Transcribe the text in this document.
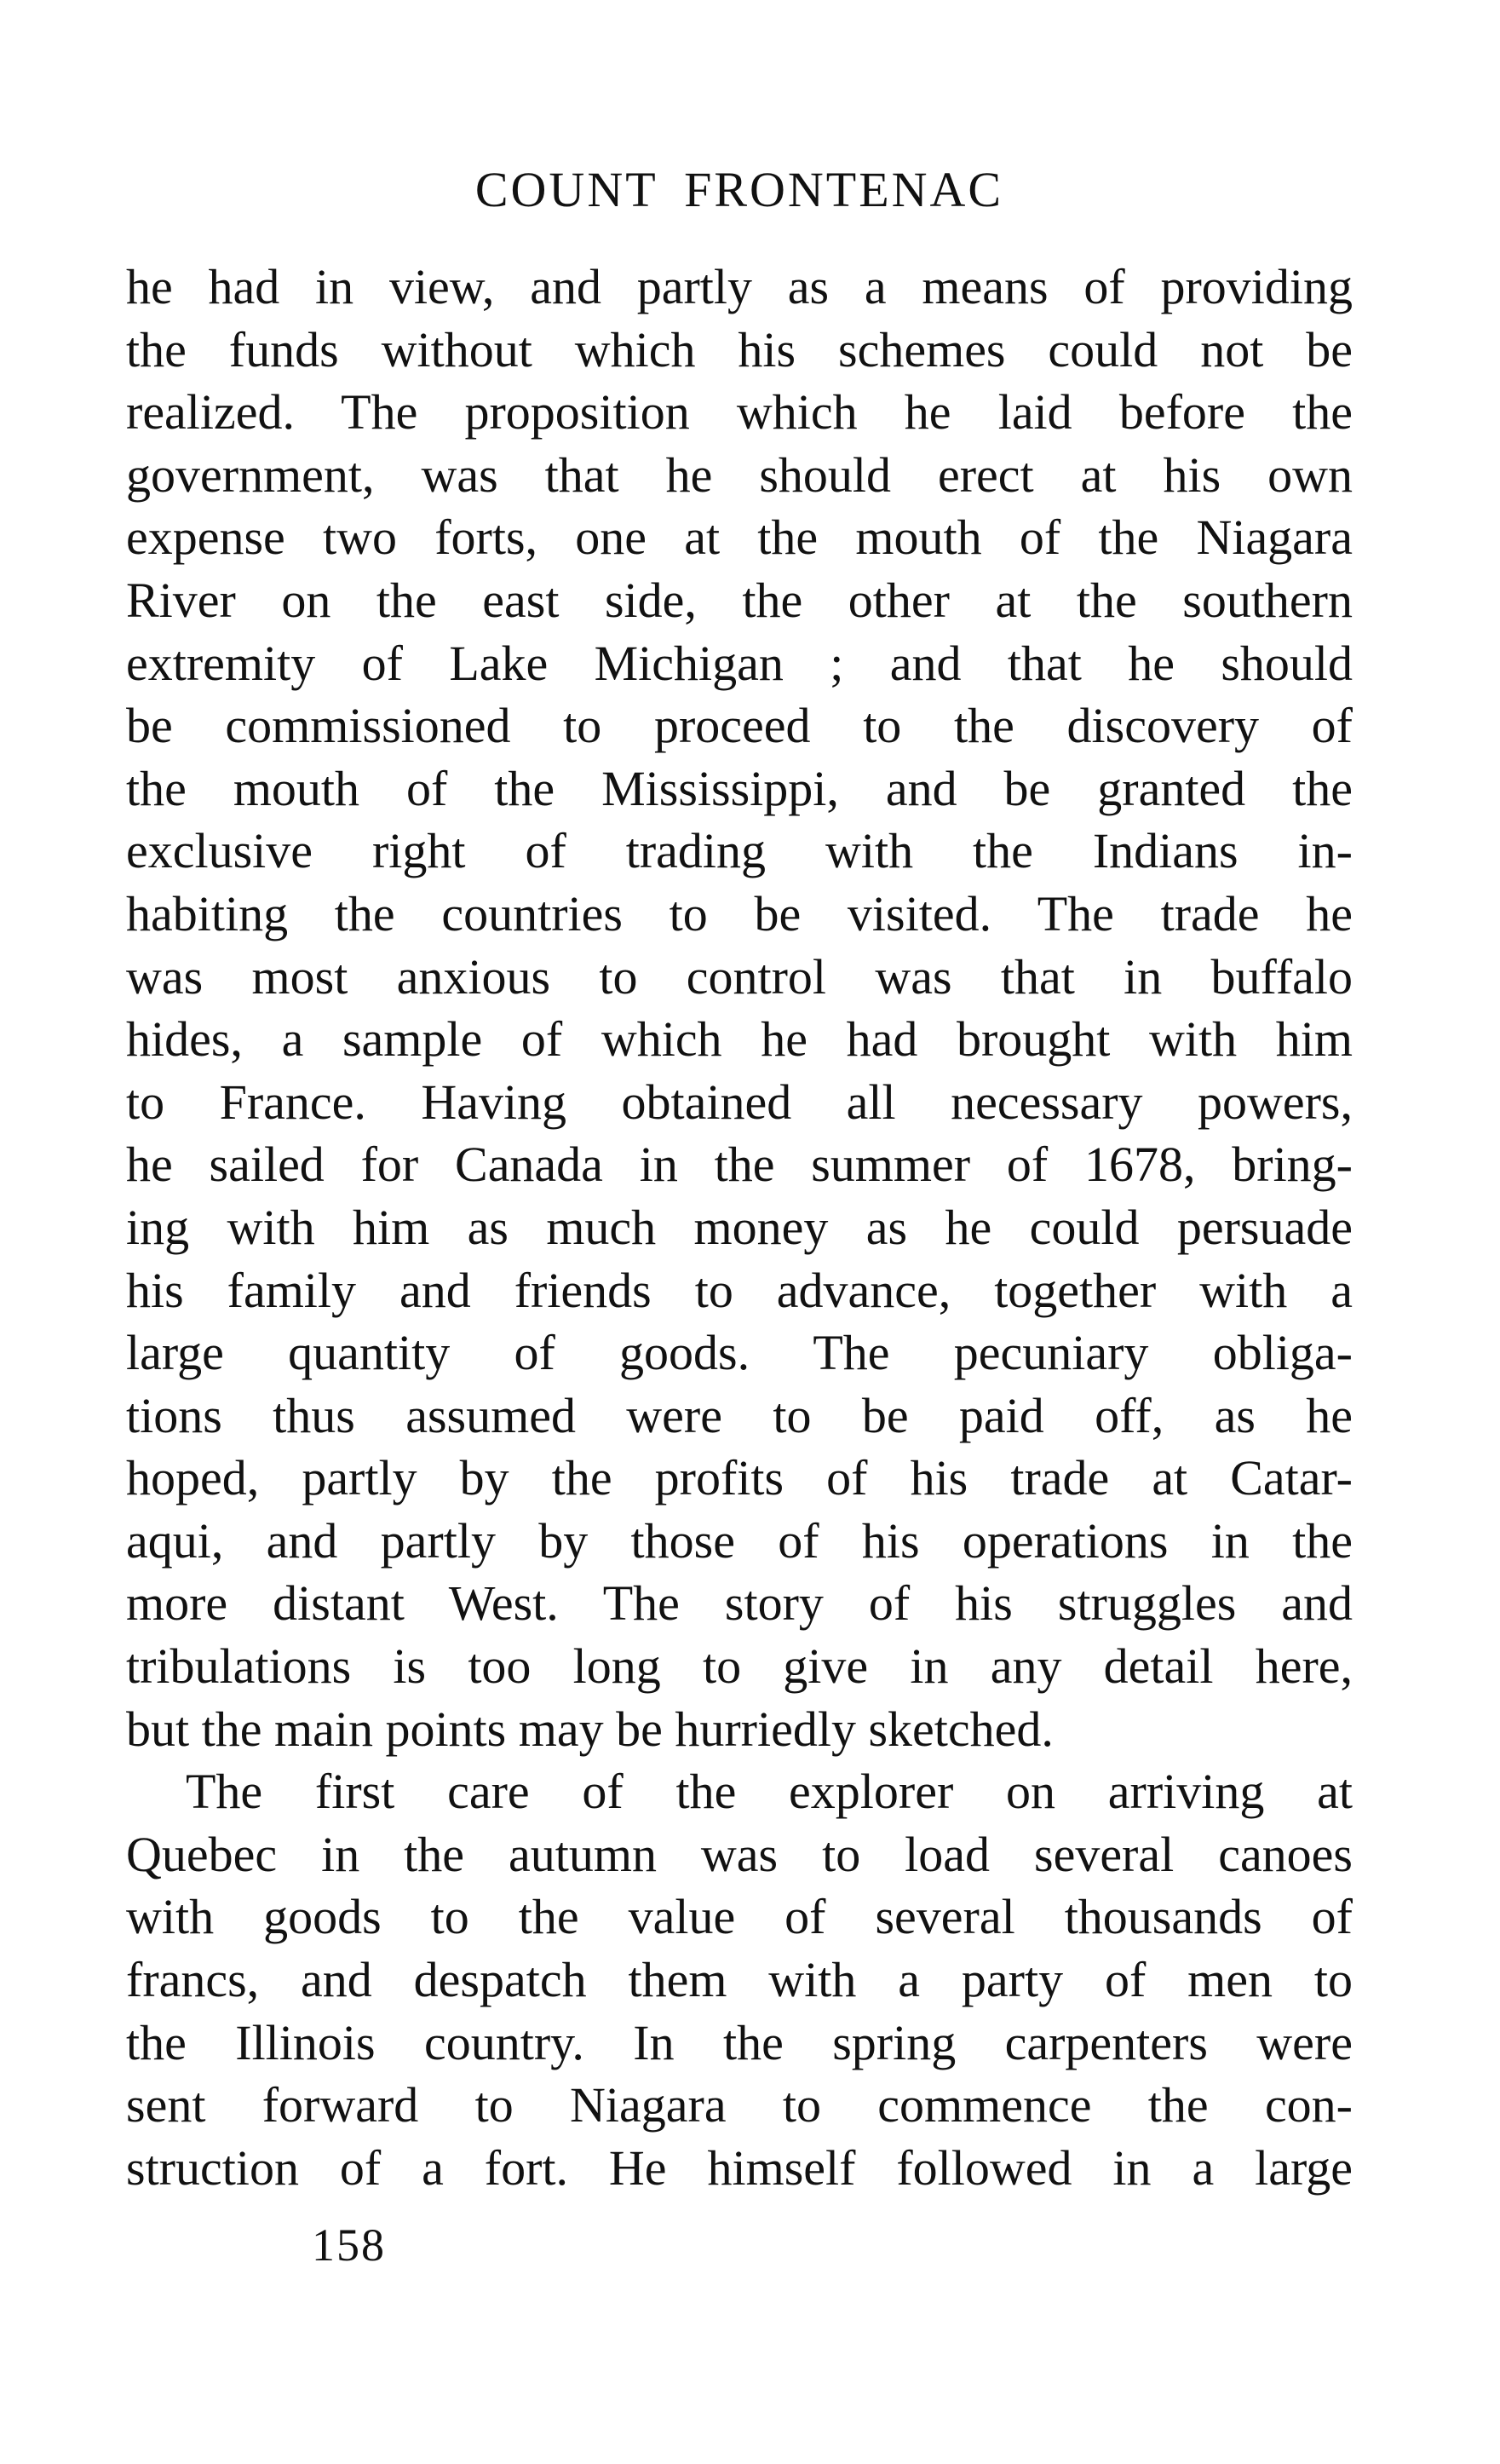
COUNT FRONTENAC
he had in view, and partly as a means of providing
the funds without which his schemes could not be
realized. The proposition which he laid before the
government, was that he should erect at his own
expense two forts, one at the mouth of the Niagara
River on the east side, the other at the southern
extremity of Lake Michigan ; and that he should
be commissioned to proceed to the discovery of
the mouth of the Mississippi, and be granted the
exclusive right of trading with the Indians in-
habiting the countries to be visited. The trade he
was most anxious to control was that in buffalo
hides, a sample of which he had brought with him
to France. Having obtained all necessary powers,
he sailed for Canada in the summer of 1678, bring-
ing with him as much money as he could persuade
his family and friends to advance, together with a
large quantity of goods. The pecuniary obliga-
tions thus assumed were to be paid off, as he
hoped, partly by the profits of his trade at Catar-
aqui, and partly by those of his operations in the
more distant West. The story of his struggles and
tribulations is too long to give in any detail here,
but the main points may be hurriedly sketched.
The first care of the explorer on arriving at
Quebec in the autumn was to load several canoes
with goods to the value of several thousands of
francs, and despatch them with a party of men to
the Illinois country. In the spring carpenters were
sent forward to Niagara to commence the con-
struction of a fort. He himself followed in a large
158
